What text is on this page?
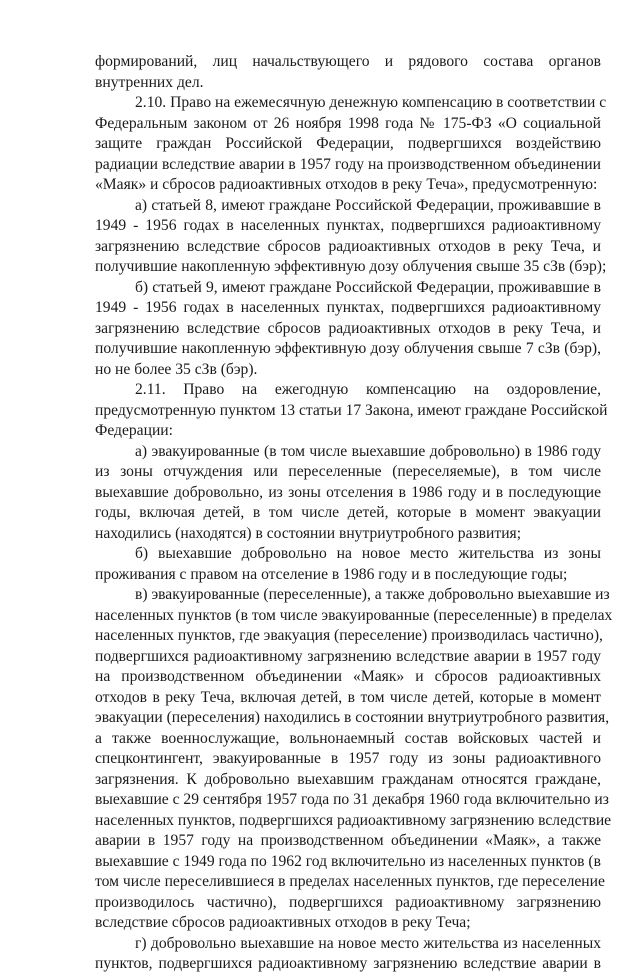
формирований, лиц начальствующего и рядового состава органов
внутренних дел.
2.10. Право на ежемесячную денежную компенсацию в соответствии с
Федеральным законом от 26 ноября 1998 года № 175-ФЗ «О социальной
защите граждан Российской Федерации, подвергшихся воздействию
радиации вследствие аварии в 1957 году на производственном объединении
«Маяк» и сбросов радиоактивных отходов в реку Теча», предусмотренную:
а) статьей 8, имеют граждане Российской Федерации, проживавшие в
1949 - 1956 годах в населенных пунктах, подвергшихся радиоактивному
загрязнению вследствие сбросов радиоактивных отходов в реку Теча, и
получившие накопленную эффективную дозу облучения свыше 35 сЗв (бэр);
б) статьей 9, имеют граждане Российской Федерации, проживавшие в
1949 - 1956 годах в населенных пунктах, подвергшихся радиоактивному
загрязнению вследствие сбросов радиоактивных отходов в реку Теча, и
получившие накопленную эффективную дозу облучения свыше 7 сЗв (бэр),
но не более 35 сЗв (бэр).
2.11. Право на ежегодную компенсацию на оздоровление,
предусмотренную пунктом 13 статьи 17 Закона, имеют граждане Российской
Федерации:
а) эвакуированные (в том числе выехавшие добровольно) в 1986 году
из зоны отчуждения или переселенные (переселяемые), в том числе
выехавшие добровольно, из зоны отселения в 1986 году и в последующие
годы, включая детей, в том числе детей, которые в момент эвакуации
находились (находятся) в состоянии внутриутробного развития;
б) выехавшие добровольно на новое место жительства из зоны
проживания с правом на отселение в 1986 году и в последующие годы;
в) эвакуированные (переселенные), а также добровольно выехавшие из
населенных пунктов (в том числе эвакуированные (переселенные) в пределах
населенных пунктов, где эвакуация (переселение) производилась частично),
подвергшихся радиоактивному загрязнению вследствие аварии в 1957 году
на производственном объединении «Маяк» и сбросов радиоактивных
отходов в реку Теча, включая детей, в том числе детей, которые в момент
эвакуации (переселения) находились в состоянии внутриутробного развития,
а также военнослужащие, вольнонаемный состав войсковых частей и
спецконтингент, эвакуированные в 1957 году из зоны радиоактивного
загрязнения. К добровольно выехавшим гражданам относятся граждане,
выехавшие с 29 сентября 1957 года по 31 декабря 1960 года включительно из
населенных пунктов, подвергшихся радиоактивному загрязнению вследствие
аварии в 1957 году на производственном объединении «Маяк», а также
выехавшие с 1949 года по 1962 год включительно из населенных пунктов (в
том числе переселившиеся в пределах населенных пунктов, где переселение
производилось частично), подвергшихся радиоактивному загрязнению
вследствие сбросов радиоактивных отходов в реку Теча;
г) добровольно выехавшие на новое место жительства из населенных
пунктов, подвергшихся радиоактивному загрязнению вследствие аварии в
